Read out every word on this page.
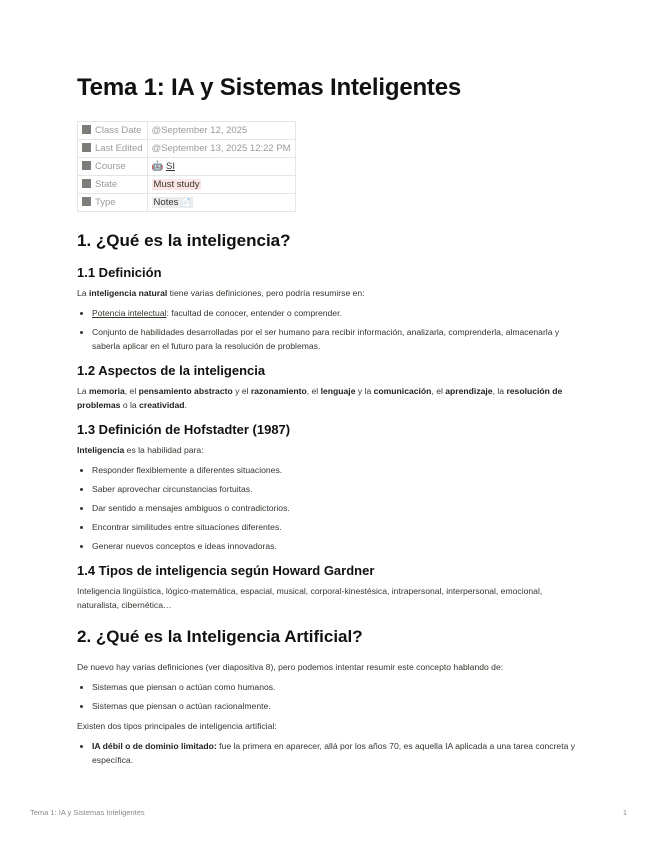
Tema 1: IA y Sistemas Inteligentes
Class Date	@September 12, 2025
Last Edited	@September 13, 2025 12:22 PM
Course	🤖 SI
State	Must study
Type	Notes 📄
1. ¿Qué es la inteligencia?
1.1 Definición

La inteligencia natural tiene varias definiciones, pero podría resumirse en:

• Potencia intelectual: facultad de conocer, entender o comprender.
• Conjunto de habilidades desarrolladas por el ser humano para recibir información, analizarla, comprenderla, almacenarla y saberla aplicar en el futuro para la resolución de problemas.
1.2 Aspectos de la inteligencia

La memoria, el pensamiento abstracto y el razonamiento, el lenguaje y la comunicación, el aprendizaje, la resolución de problemas o la creatividad.

1.3 Definición de Hofstadter (1987)

Inteligencia es la habilidad para:

• Responder flexiblemente a diferentes situaciones.
• Saber aprovechar circunstancias fortuitas.
• Dar sentido a mensajes ambiguos o contradictorios.
• Encontrar similitudes entre situaciones diferentes.
• Generar nuevos conceptos e ideas innovadoras.
1.4 Tipos de inteligencia según Howard Gardner

Inteligencia lingüística, lógico-matemática, espacial, musical, corporal-kinestésica, intrapersonal, interpersonal, emocional, naturalista, cibernética…

2. ¿Qué es la Inteligencia Artificial?

De nuevo hay varias definiciones (ver diapositiva 8), pero podemos intentar resumir este concepto hablando de:

• Sistemas que piensan o actúan como humanos.
• Sistemas que piensan o actúan racionalmente.

Existen dos tipos principales de inteligencia artificial:

• IA débil o de dominio limitado: fue la primera en aparecer, allá por los años 70, es aquella IA aplicada a una tarea concreta y específica.
Tema 1: IA y Sistemas Inteligentes	1
